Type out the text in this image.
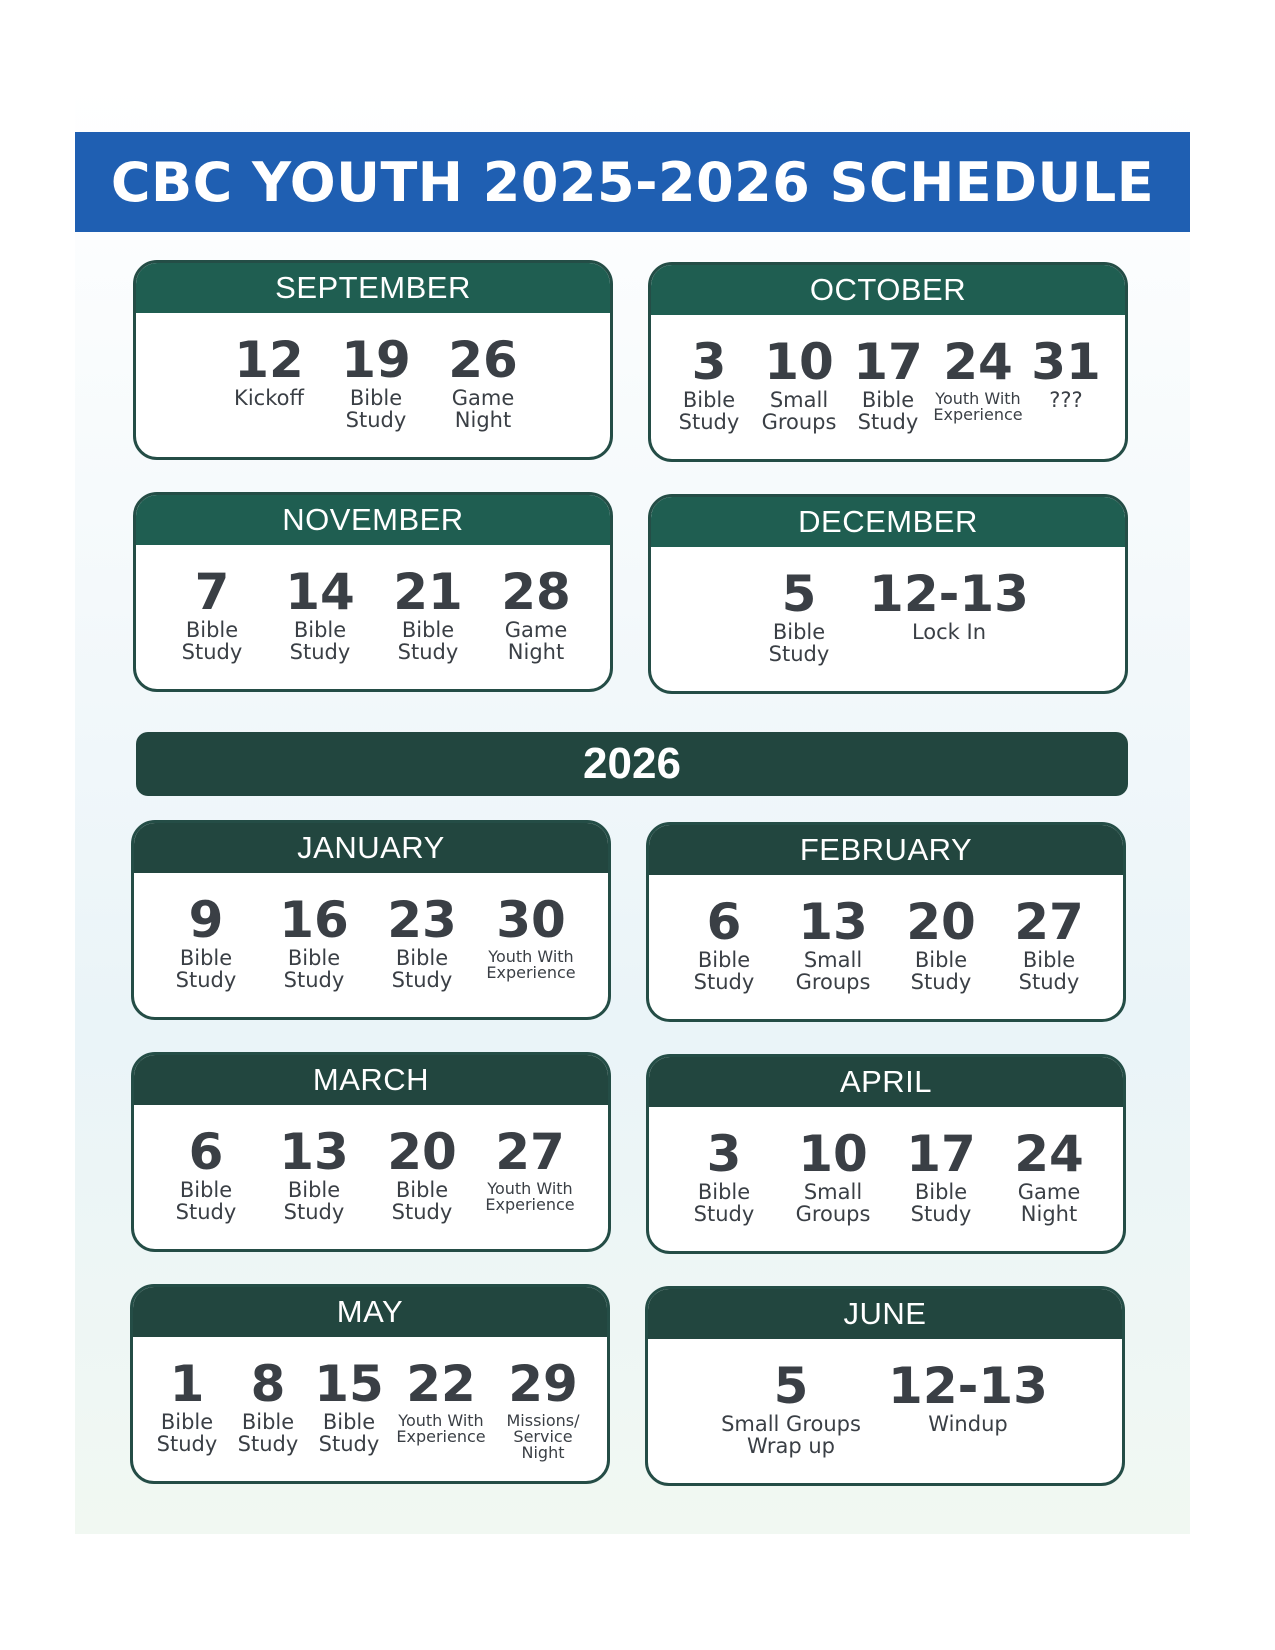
CBC YOUTH 2025-2026 SCHEDULE
SEPTEMBER
12
Kickoff
19
Bible
Study
26
Game
Night
OCTOBER
3
Bible
Study
10
Small
Groups
17
Bible
Study
24
Youth With
Experience
31
???
NOVEMBER
7
Bible
Study
14
Bible
Study
21
Bible
Study
28
Game
Night
DECEMBER
5
Bible
Study
12-13
Lock In
2026
JANUARY
9
Bible
Study
16
Bible
Study
23
Bible
Study
30
Youth With
Experience
FEBRUARY
6
Bible
Study
13
Small
Groups
20
Bible
Study
27
Bible
Study
MARCH
6
Bible
Study
13
Bible
Study
20
Bible
Study
27
Youth With
Experience
APRIL
3
Bible
Study
10
Small
Groups
17
Bible
Study
24
Game
Night
MAY
1
Bible
Study
8
Bible
Study
15
Bible
Study
22
Youth With
Experience
29
Missions/
Service
Night
JUNE
5
Small Groups
Wrap up
12-13
Windup
